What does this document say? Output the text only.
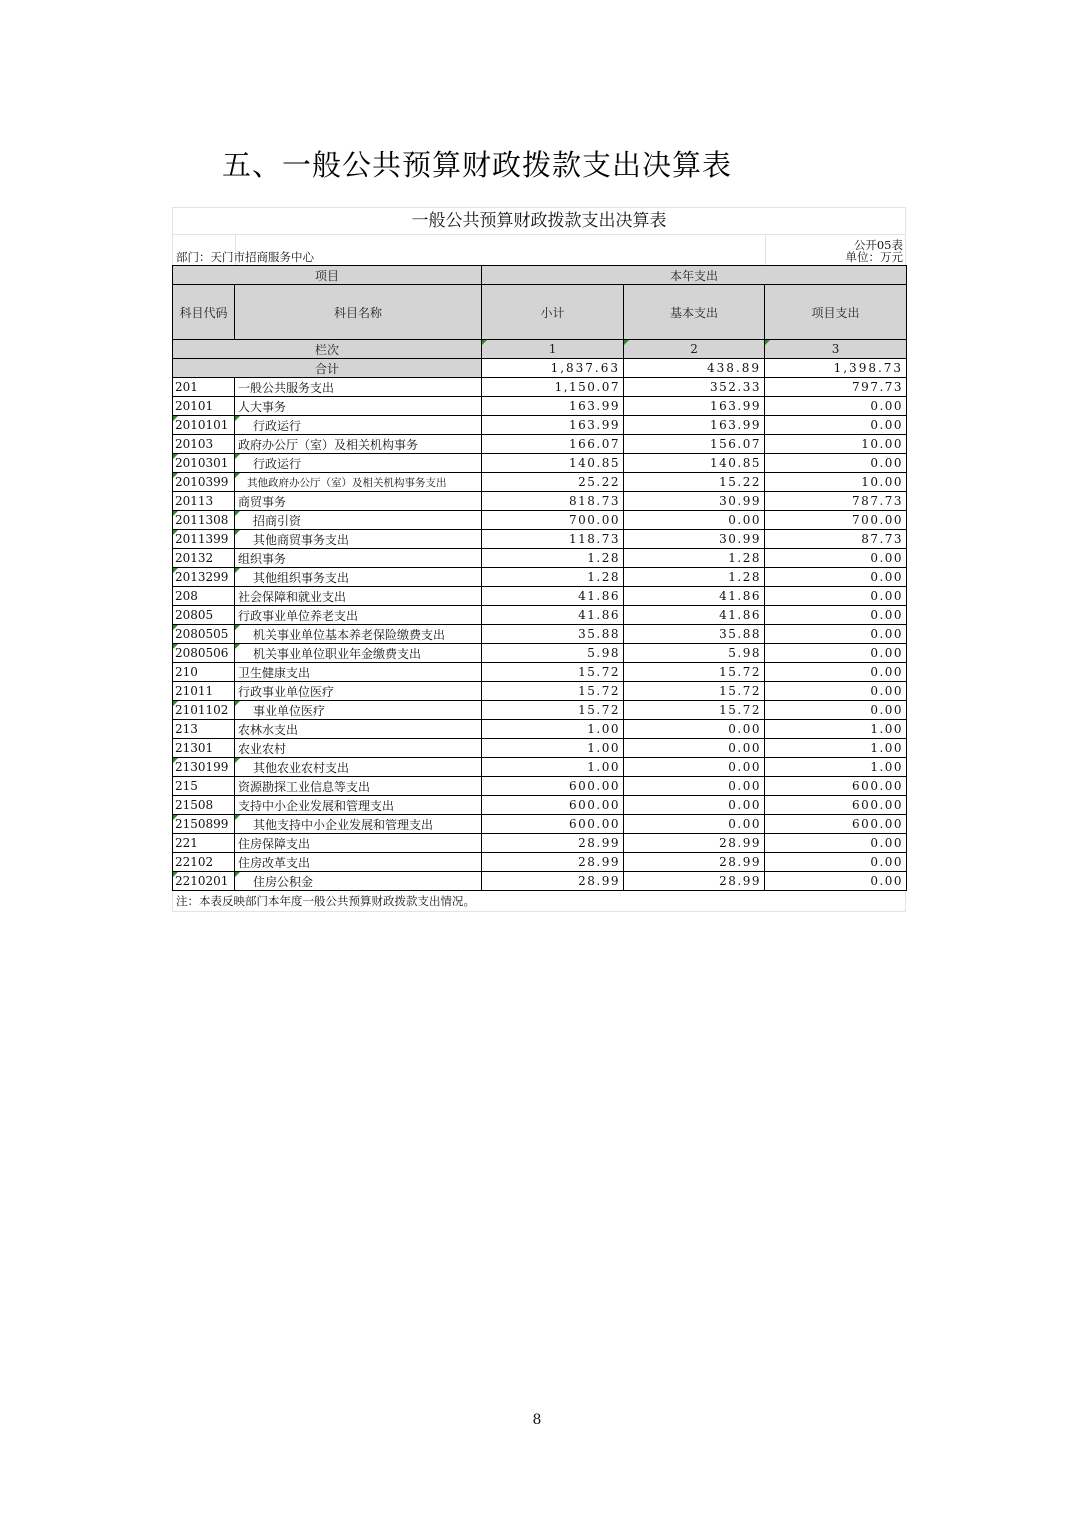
五、一般公共预算财政拨款支出决算表
一般公共预算财政拨款支出决算表
公开05表
部门：天门市招商服务中心	单位：万元
项目		本年支出		
科目代码	科目名称	小计	基本支出	项目支出
栏次		1	2	3
合计		1,837.63	438.89	1,398.73
201	一般公共服务支出	1,150.07	352.33	797.73
20101	人大事务	163.99	163.99	0.00
2010101	行政运行	163.99	163.99	0.00
20103	政府办公厅（室）及相关机构事务	166.07	156.07	10.00
2010301	行政运行	140.85	140.85	0.00
2010399	其他政府办公厅（室）及相关机构事务支出	25.22	15.22	10.00
20113	商贸事务	818.73	30.99	787.73
2011308	招商引资	700.00	0.00	700.00
2011399	其他商贸事务支出	118.73	30.99	87.73
20132	组织事务	1.28	1.28	0.00
2013299	其他组织事务支出	1.28	1.28	0.00
208	社会保障和就业支出	41.86	41.86	0.00
20805	行政事业单位养老支出	41.86	41.86	0.00
2080505	机关事业单位基本养老保险缴费支出	35.88	35.88	0.00
2080506	机关事业单位职业年金缴费支出	5.98	5.98	0.00
210	卫生健康支出	15.72	15.72	0.00
21011	行政事业单位医疗	15.72	15.72	0.00
2101102	事业单位医疗	15.72	15.72	0.00
213	农林水支出	1.00	0.00	1.00
21301	农业农村	1.00	0.00	1.00
2130199	其他农业农村支出	1.00	0.00	1.00
215	资源勘探工业信息等支出	600.00	0.00	600.00
21508	支持中小企业发展和管理支出	600.00	0.00	600.00
2150899	其他支持中小企业发展和管理支出	600.00	0.00	600.00
221	住房保障支出	28.99	28.99	0.00
22102	住房改革支出	28.99	28.99	0.00
2210201	住房公积金	28.99	28.99	0.00
注：本表反映部门本年度一般公共预算财政拨款支出情况。
8
